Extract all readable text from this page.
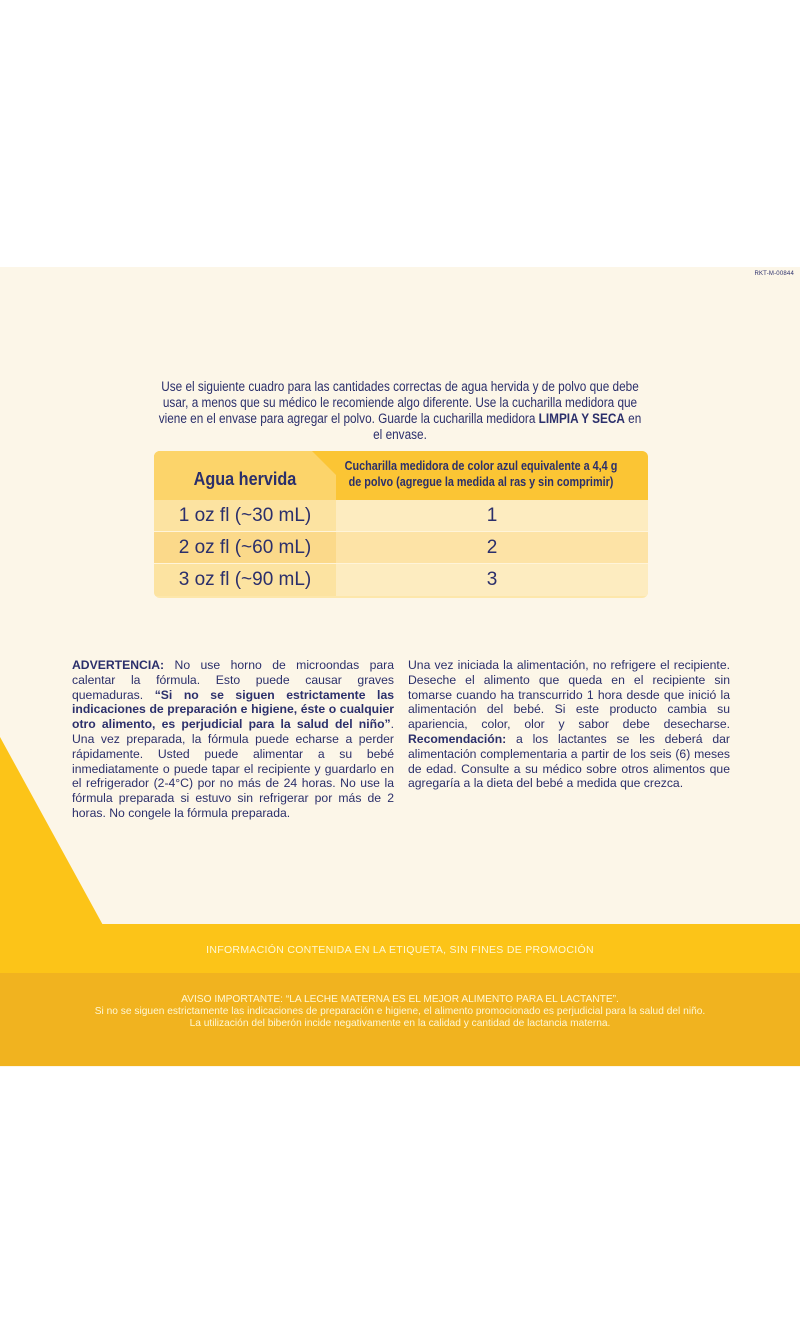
RKT-M-00844
Use el siguiente cuadro para las cantidades correctas de agua hervida y de polvo que debe usar, a menos que su médico le recomiende algo diferente. Use la cucharilla medidora que viene en el envase para agregar el polvo. Guarde la cucharilla medidora LIMPIA Y SECA en el envase.
Agua hervida
Cucharilla medidora de color azul equivalente a 4,4 g de polvo (agregue la medida al ras y sin comprimir)
1 oz fl (~30 mL)	1
2 oz fl (~60 mL)	2
3 oz fl (~90 mL)	3
ADVERTENCIA: No use horno de microondas para calentar la fórmula. Esto puede causar graves quemaduras. “Si no se siguen estrictamente las indicaciones de preparación e higiene, éste o cualquier otro alimento, es perjudicial para la salud del niño”. Una vez preparada, la fórmula puede echarse a perder rápidamente. Usted puede alimentar a su bebé inmediatamente o puede tapar el recipiente y guardarlo en el refrigerador (2-4°C) por no más de 24 horas. No use la fórmula preparada si estuvo sin refrigerar por más de 2 horas. No congele la fórmula preparada.
Una vez iniciada la alimentación, no refrigere el recipiente. Deseche el alimento que queda en el recipiente sin tomarse cuando ha transcurrido 1 hora desde que inició la alimentación del bebé. Si este producto cambia su apariencia, color, olor y sabor debe desecharse. Recomendación: a los lactantes se les deberá dar alimentación complementaria a partir de los seis (6) meses de edad. Consulte a su médico sobre otros alimentos que agregaría a la dieta del bebé a medida que crezca.
INFORMACIÓN CONTENIDA EN LA ETIQUETA, SIN FINES DE PROMOCIÓN
AVISO IMPORTANTE: “LA LECHE MATERNA ES EL MEJOR ALIMENTO PARA EL LACTANTE”.
Si no se siguen estrictamente las indicaciones de preparación e higiene, el alimento promocionado es perjudicial para la salud del niño.
La utilización del biberón incide negativamente en la calidad y cantidad de lactancia materna.
